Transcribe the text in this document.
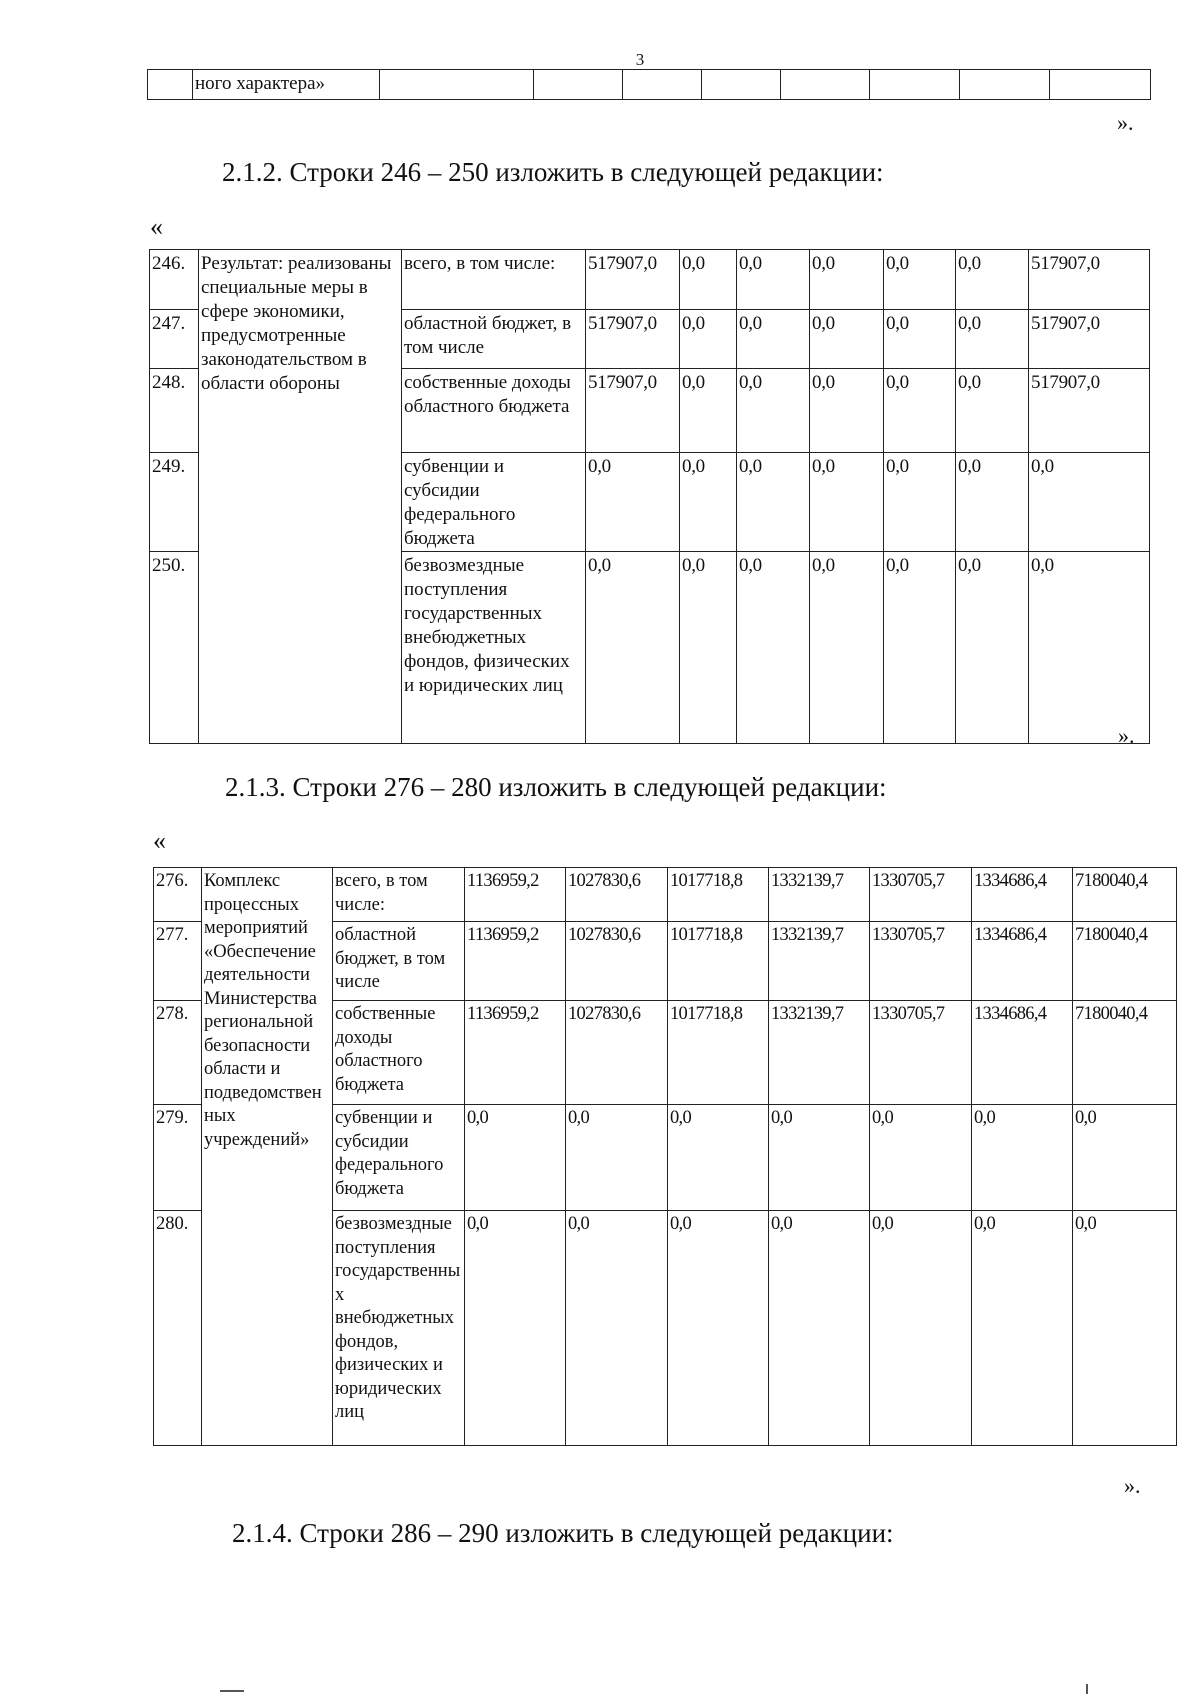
3
	ного характера»								
».
2.1.2. Строки 246 – 250 изложить в следующей редакции:
«
246.	Результат: реализованы специальные меры в сфере экономики, предусмотренные законодательством в области обороны	всего, в том числе:	517907,0	0,0	0,0	0,0	0,0	0,0	517907,0
247.		областной бюджет, в том числе	517907,0	0,0	0,0	0,0	0,0	0,0	517907,0
248.		собственные доходы областного бюджета	517907,0	0,0	0,0	0,0	0,0	0,0	517907,0
249.		субвенции и субсидии федерального бюджета	0,0	0,0	0,0	0,0	0,0	0,0	0,0
250.		безвозмездные поступления государственных внебюджетных фондов, физических и юридических лиц	0,0	0,0	0,0	0,0	0,0	0,0	0,0
».
2.1.3. Строки 276 – 280 изложить в следующей редакции:
«
276.	Комплекс процессных мероприятий «Обеспечение деятельности Министерства региональной безопасности области и подведомственных учреждений»	всего, в том числе:	1136959,2	1027830,6	1017718,8	1332139,7	1330705,7	1334686,4	7180040,4
277.		областной бюджет, в том числе	1136959,2	1027830,6	1017718,8	1332139,7	1330705,7	1334686,4	7180040,4
278.		собственные доходы областного бюджета	1136959,2	1027830,6	1017718,8	1332139,7	1330705,7	1334686,4	7180040,4
279.		субвенции и субсидии федерального бюджета	0,0	0,0	0,0	0,0	0,0	0,0	0,0
280.		безвозмездные поступления государственных внебюджетных фондов, физических и юридических лиц	0,0	0,0	0,0	0,0	0,0	0,0	0,0
».
2.1.4. Строки 286 – 290 изложить в следующей редакции:
